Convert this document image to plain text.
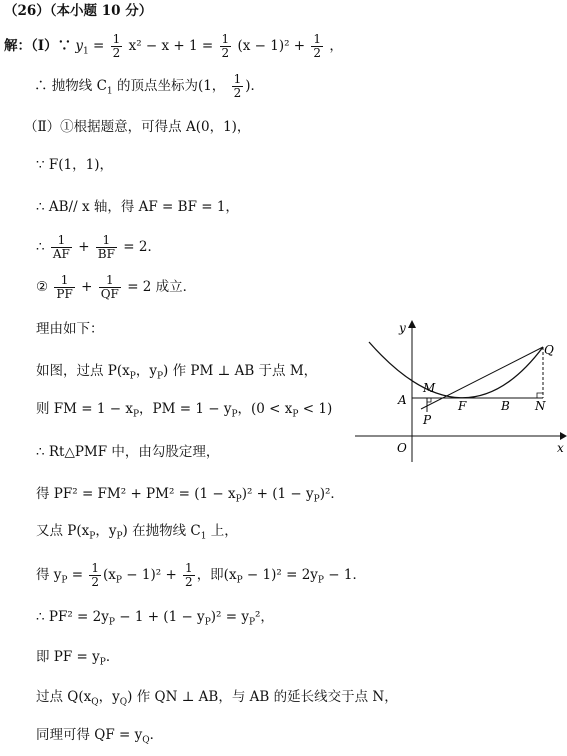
（26）（本小题 10 分）
解：（Ⅰ）∵ $y_1 = \frac{1}{2} x^2 - x + 1 = \frac{1}{2} (x - 1)^2 + \frac{1}{2}$ ，
∴ 抛物线 $C_1$ 的顶点坐标为(1， $\frac{1}{2}$ )．
（Ⅱ）①根据题意，可得点 A(0，1)，
∵ F(1，1)，
∴ AB// x 轴，得 AF = BF = 1，
∴ $\frac{1}{AF} + \frac{1}{BF} = 2$．
② $\frac{1}{PF} + \frac{1}{QF} = 2$ 成立．
理由如下：
如图，过点 $P(x_P$，$y_P$) 作 PM ⊥ AB 于点 M，
则 FM = $1 - x_P$，PM = $1 - y_P$，$(0 < x_P < 1)$
∴ Rt△PMF 中，由勾股定理，
得 $PF^2 = FM^2 + PM^2 = (1 - x_P)^2 + (1 - y_P)^2$．
又点 $P(x_P$，$y_P$) 在抛物线 $C_1$ 上，
得 $y_P = \frac{1}{2} (x_P - 1)^2 + \frac{1}{2}$ ，即$(x_P - 1)^2 = 2y_P - 1$．
∴ $PF^2 = 2y_P - 1 + (1 - y_P)^2 = y_P^2$，
即 PF = $y_P$．
过点 $Q(x_Q$，$y_Q$) 作 QN ⊥ AB，与 AB 的延长线交于点 N，
同理可得 QF = $y_Q$．
y
x
O
A
M
F	B N
P
Q
